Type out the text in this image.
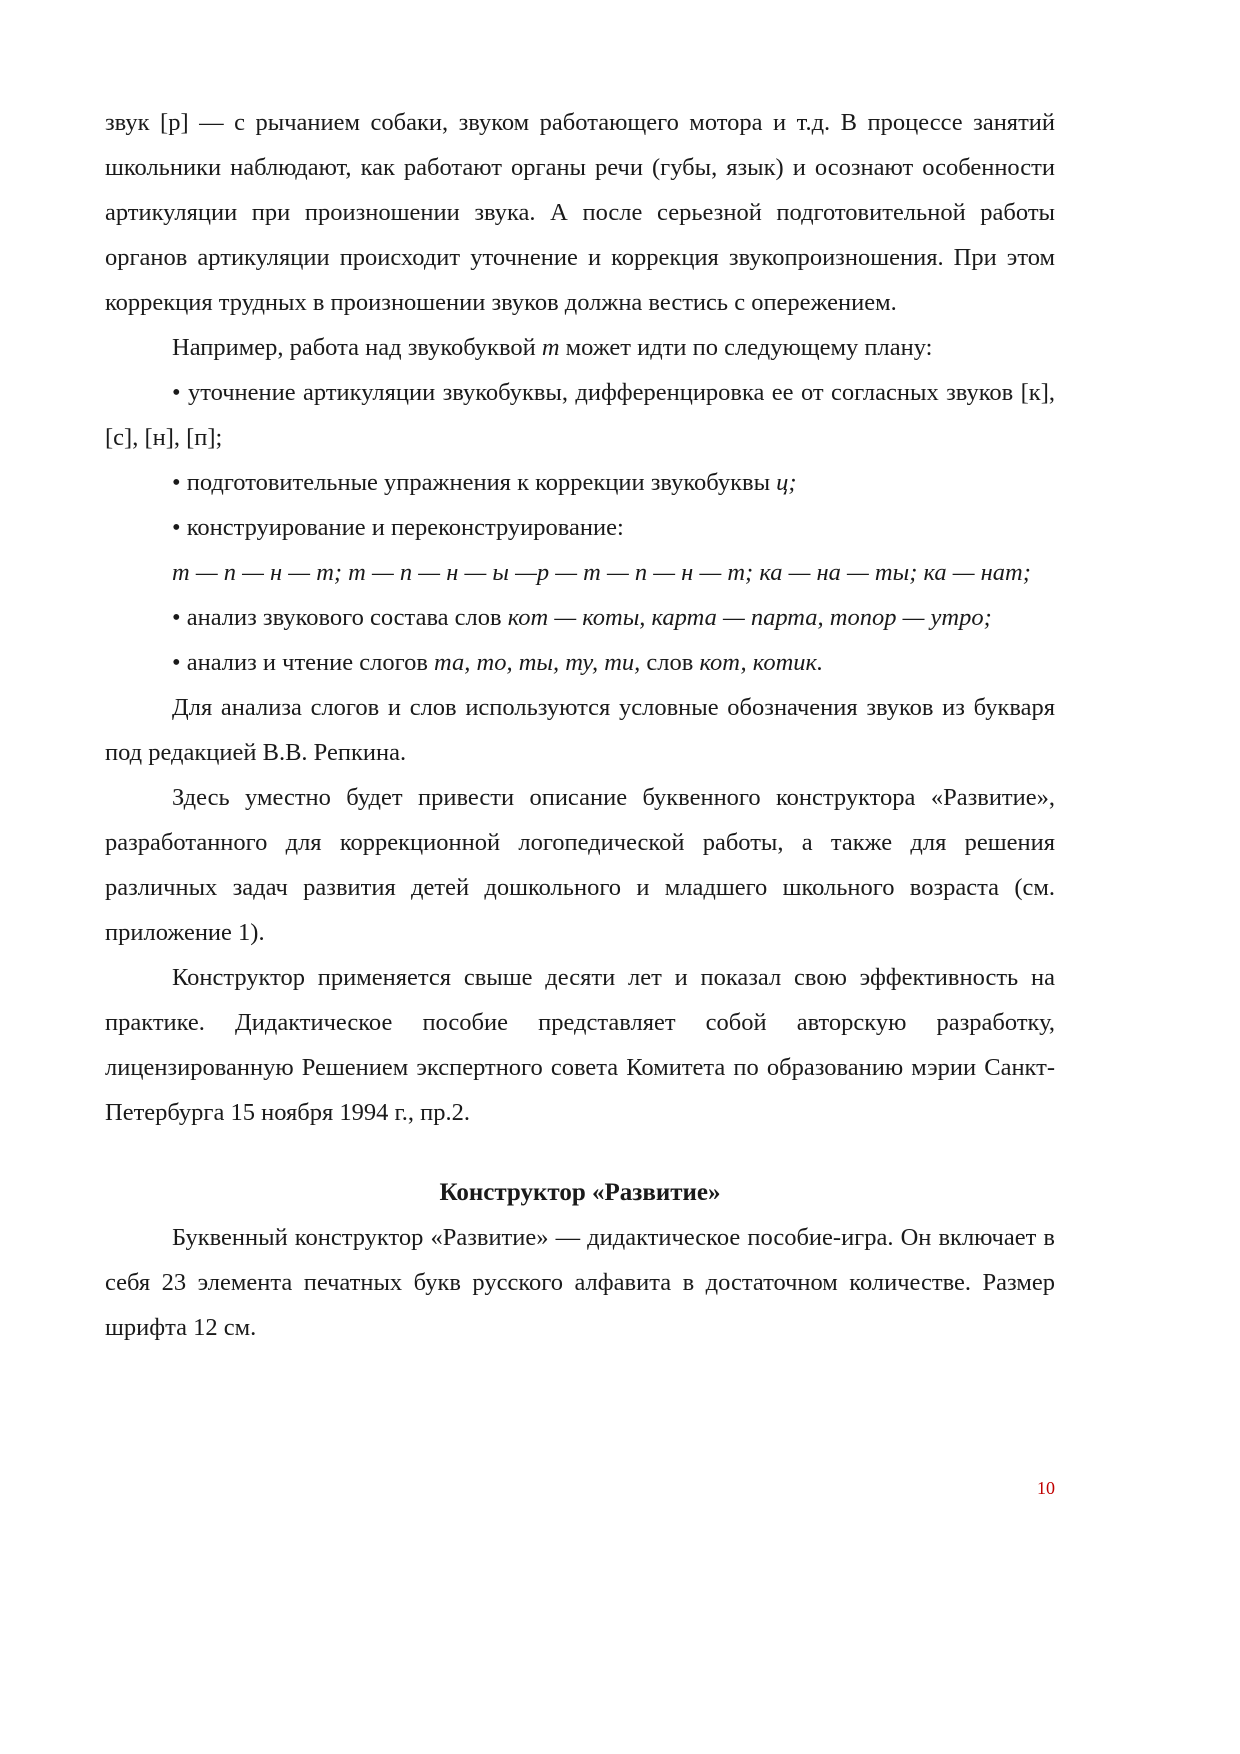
звук [р] — с рычанием собаки, звуком работающего мотора и т.д. В процессе занятий школьники наблюдают, как работают органы речи (губы, язык) и осознают особенности артикуляции при произношении звука. А после серьезной подготовительной работы органов артикуляции происходит уточнение и коррекция звукопроизношения. При этом коррекция трудных в произношении звуков должна вестись с опережением.

Например, работа над звукобуквой т может идти по следующему плану:

• уточнение артикуляции звукобуквы, дифференцировка ее от согласных звуков [к], [с], [н], [п];

• подготовительные упражнения к коррекции звукобуквы ц;

• конструирование и переконструирование:

т — п — н — т; т — п — н — ы —р — т — п — н — т; ка — на — ты; ка — нат;

• анализ звукового состава слов кот — коты, карта — парта, топор — утро;

• анализ и чтение слогов та, то, ты, ту, ти, слов кот, котик.

Для анализа слогов и слов используются условные обозначения звуков из букваря под редакцией В.В. Репкина.

Здесь уместно будет привести описание буквенного конструктора «Развитие», разработанного для коррекционной логопедической работы, а также для решения различных задач развития детей дошкольного и младшего школьного возраста (см. приложение 1).

Конструктор применяется свыше десяти лет и показал свою эффективность на практике. Дидактическое пособие представляет собой авторскую разработку, лицензированную Решением экспертного совета Комитета по образованию мэрии Санкт-Петербурга 15 ноября 1994 г., пр.2.

Конструктор «Развитие»

Буквенный конструктор «Развитие» — дидактическое пособие-игра. Он включает в себя 23 элемента печатных букв русского алфавита в достаточном количестве. Размер шрифта 12 см.

10
